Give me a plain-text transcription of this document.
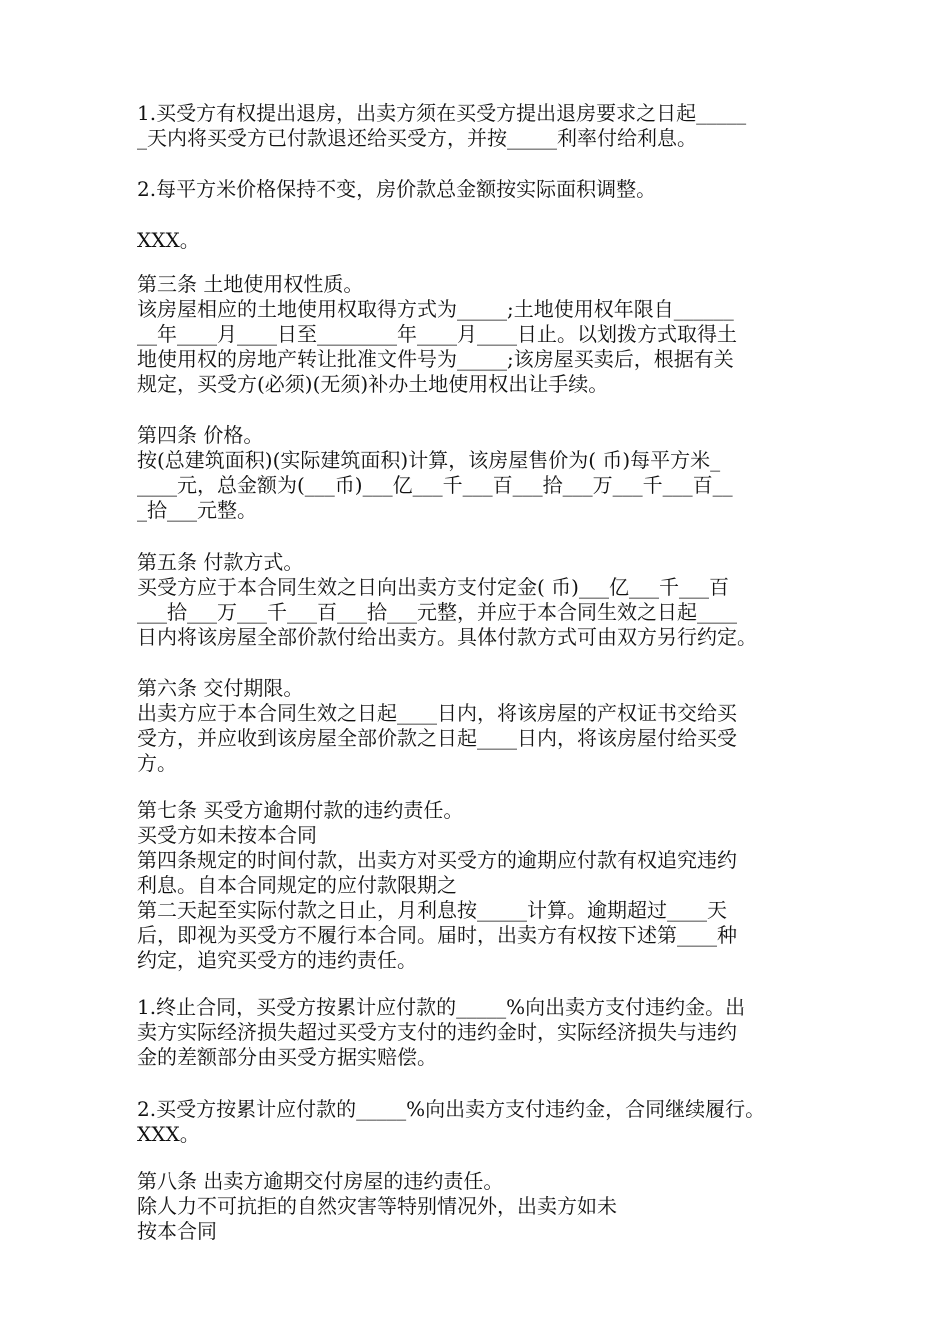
1.买受方有权提出退房，出卖方须在买受方提出退房要求之日起_____
_天内将买受方已付款退还给买受方，并按_____利率付给利息。
2.每平方米价格保持不变，房价款总金额按实际面积调整。
XXX。
第三条 土地使用权性质。
该房屋相应的土地使用权取得方式为_____;土地使用权年限自______
__年____月____日至________年____月____日止。以划拨方式取得土
地使用权的房地产转让批准文件号为_____;该房屋买卖后，根据有关
规定，买受方(必须)(无须)补办土地使用权出让手续。
第四条 价格。
按(总建筑面积)(实际建筑面积)计算，该房屋售价为( 币)每平方米_
____元，总金额为(___币)___亿___千___百___拾___万___千___百__
_拾___元整。
第五条 付款方式。
买受方应于本合同生效之日向出卖方支付定金( 币)___亿___千___百
___拾___万___千___百___拾___元整，并应于本合同生效之日起____
日内将该房屋全部价款付给出卖方。具体付款方式可由双方另行约定。
第六条 交付期限。
出卖方应于本合同生效之日起____日内，将该房屋的产权证书交给买
受方，并应收到该房屋全部价款之日起____日内，将该房屋付给买受
方。
第七条 买受方逾期付款的违约责任。
买受方如未按本合同
第四条规定的时间付款，出卖方对买受方的逾期应付款有权追究违约
利息。自本合同规定的应付款限期之
第二天起至实际付款之日止，月利息按_____计算。逾期超过____天
后，即视为买受方不履行本合同。届时，出卖方有权按下述第____种
约定，追究买受方的违约责任。
1.终止合同，买受方按累计应付款的_____%向出卖方支付违约金。出
卖方实际经济损失超过买受方支付的违约金时，实际经济损失与违约
金的差额部分由买受方据实赔偿。
2.买受方按累计应付款的_____%向出卖方支付违约金，合同继续履行。
XXX。
第八条 出卖方逾期交付房屋的违约责任。
除人力不可抗拒的自然灾害等特别情况外，出卖方如未
按本合同
